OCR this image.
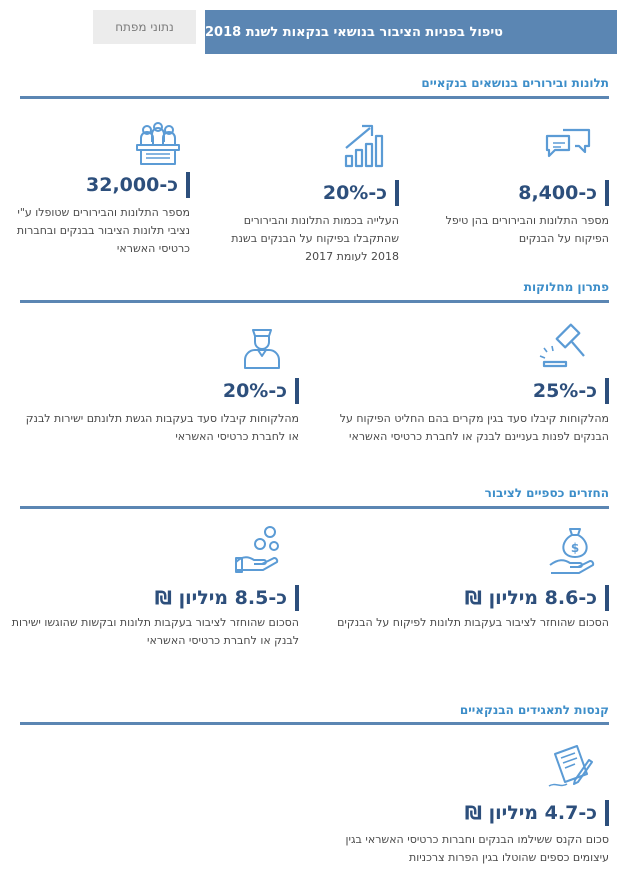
טיפול בפניות הציבור בנושאי בנקאות לשנת 2018
נתוני מפתח
תלונות ובירורים בנושאים בנקאיים
כ-8,400
מספר התלונות והבירורים בהן טיפל הפיקוח על הבנקים
כ-20%
העלייה בכמות התלונות והבירורים שהתקבלו בפיקוח על הבנקים בשנת 2018 לעומת 2017
כ-32,000
מספר התלונות והבירורים שטופלו ע"י נציבי תלונות הציבור בבנקים ובחברות כרטיסי האשראי
פתרון מחלוקות
כ-25%
מהלקוחות קיבלו סעד בגין מקרים בהם החליט הפיקוח על הבנקים לפנות בעניינם לבנק או לחברת כרטיסי האשראי
כ-20%
מהלקוחות קיבלו סעד בעקבות הגשת תלונתם ישירות לבנק או לחברת כרטיסי האשראי
החזרים כספיים לציבור
$
כ-8.6 מיליון ₪
הסכום שהוחזר לציבור בעקבות תלונות לפיקוח על הבנקים
כ-8.5 מיליון ₪
הסכום שהוחזר לציבור בעקבות תלונות ובקשות שהוגשו ישירות לבנק או לחברת כרטיסי האשראי
קנסות לתאגידים הבנקאיים
כ-4.7 מיליון ₪
סכום הקנס ששילמו הבנקים וחברות כרטיסי האשראי בגין עיצומים כספים שהוטלו בגין הפרות צרכניות
